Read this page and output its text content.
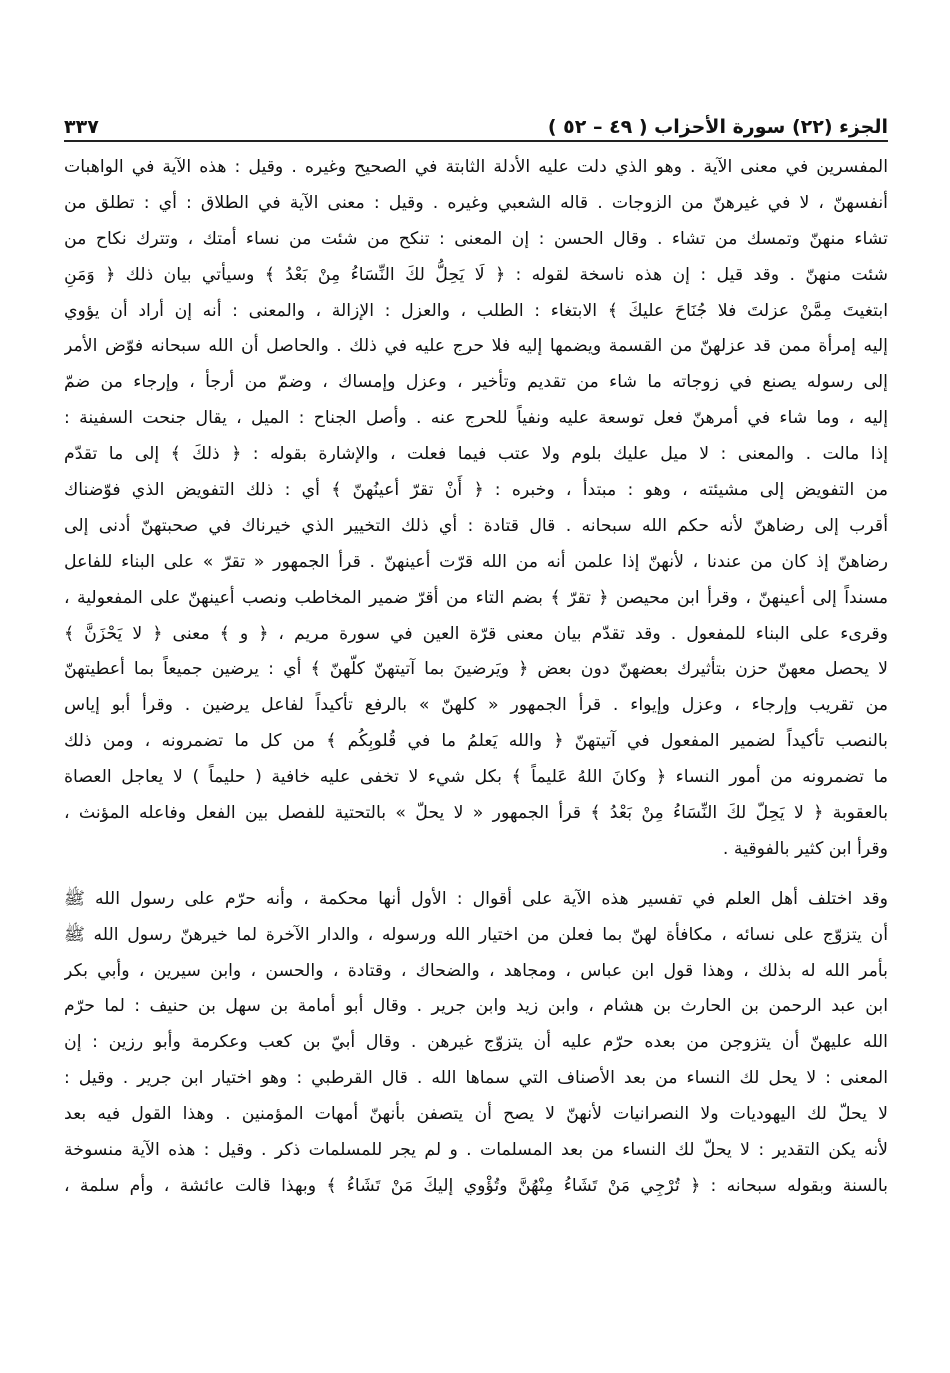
الجزء (٢٢) سورة الأحزاب ( ٤٩ – ٥٢ )
٣٣٧
المفسرين في معنى الآية . وهو الذي دلت عليه الأدلة الثابتة في الصحيح وغيره . وقيل : هذه الآية في الواهبات
أنفسهنّ ، لا في غيرهنّ من الزوجات . قاله الشعبي وغيره . وقيل : معنى الآية في الطلاق : أي : تطلق من
تشاء منهنّ وتمسك من تشاء . وقال الحسن : إن المعنى : تنكح من شئت من نساء أمتك ، وتترك نكاح من
شئت منهنّ . وقد قيل : إن هذه ناسخة لقوله : ﴿ لَا يَحِلُّ لكَ النِّسَاءُ مِنْ بَعْدُ ﴾ وسيأتي بيان ذلك ﴿ وَمَنِ
ابتغيتَ مِمَّنْ عزلتَ فلا جُنَاحَ عليكَ ﴾ الابتغاء : الطلب ، والعزل : الإزالة ، والمعنى : أنه إن أراد أن يؤوي
إليه إمرأة ممن قد عزلهنّ من القسمة ويضمها إليه فلا حرج عليه في ذلك . والحاصل أن الله سبحانه فوّض الأمر
إلى رسوله يصنع في زوجاته ما شاء من تقديم وتأخير ، وعزل وإمساك ، وضمّ من أرجأ ، وإرجاء من ضمّ
إليه ، وما شاء في أمرهنّ فعل توسعة عليه ونفياً للحرج عنه . وأصل الجناح : الميل ، يقال جنحت السفينة :
إذا مالت . والمعنى : لا ميل عليك بلوم ولا عتب فيما فعلت ، والإشارة بقوله : ﴿ ذلكَ ﴾ إلى ما تقدّم
من التفويض إلى مشيئته ، وهو : مبتدأ ، وخبره : ﴿ أَنْ تقرّ أعينُهنّ ﴾ أي : ذلك التفويض الذي فوّضناك
أقرب إلى رضاهنّ لأنه حكم الله سبحانه . قال قتادة : أي ذلك التخيير الذي خيرناك في صحبتهنّ أدنى إلى
رضاهنّ إذ كان من عندنا ، لأنهنّ إذا علمن أنه من الله قرّت أعينهنّ . قرأ الجمهور « تقرّ » على البناء للفاعل
مسنداً إلى أعينهنّ ، وقرأ ابن محيصن ﴿ تقرّ ﴾ بضم التاء من أقرّ ضمير المخاطب ونصب أعينهنّ على المفعولية ،
وقرىء على البناء للمفعول . وقد تقدّم بيان معنى قرّة العين في سورة مريم ، ﴿ و ﴾ معنى ﴿ لا يَحْزَنَّ ﴾
لا يحصل معهنّ حزن بتأثيرك بعضهنّ دون بعض ﴿ ويَرضينَ بما آتيتهنّ كلّهنّ ﴾ أي : يرضين جميعاً بما أعطيتهنّ
من تقريب وإرجاء ، وعزل وإيواء . قرأ الجمهور « كلهنّ » بالرفع تأكيداً لفاعل يرضين . وقرأ أبو إياس
بالنصب تأكيداً لضمير المفعول في آتيتهنّ ﴿ والله يَعلمُ ما في قُلوبِكُم ﴾ من كل ما تضمرونه ، ومن ذلك
ما تضمرونه من أمور النساء ﴿ وكانَ اللهُ عَليماً ﴾ بكل شيء لا تخفى عليه خافية ( حليماً ) لا يعاجل العصاة
بالعقوبة ﴿ لا يَحِلّ لكَ النِّسَاءُ مِنْ بَعْدُ ﴾ قرأ الجمهور « لا يحلّ » بالتحتية للفصل بين الفعل وفاعله المؤنث ،
وقرأ ابن كثير بالفوقية .
وقد اختلف أهل العلم في تفسير هذه الآية على أقوال : الأول أنها محكمة ، وأنه حرّم على رسول الله ﷺ
أن يتزوّج على نسائه ، مكافأة لهنّ بما فعلن من اختيار الله ورسوله ، والدار الآخرة لما خيرهنّ رسول الله ﷺ
بأمر الله له بذلك ، وهذا قول ابن عباس ، ومجاهد ، والضحاك ، وقتادة ، والحسن ، وابن سيرين ، وأبي بكر
ابن عبد الرحمن بن الحارث بن هشام ، وابن زيد وابن جرير . وقال أبو أمامة بن سهل بن حنيف : لما حرّم
الله عليهنّ أن يتزوجن من بعده حرّم عليه أن يتزوّج غيرهن . وقال أبيّ بن كعب وعكرمة وأبو رزين : إن
المعنى : لا يحل لك النساء من بعد الأصناف التي سماها الله . قال القرطبي : وهو اختيار ابن جرير . وقيل :
لا يحلّ لك اليهوديات ولا النصرانيات لأنهنّ لا يصح أن يتصفن بأنهنّ أمهات المؤمنين . وهذا القول فيه بعد
لأنه يكن التقدير : لا يحلّ لك النساء من بعد المسلمات . و لم يجر للمسلمات ذكر . وقيل : هذه الآية منسوخة
بالسنة وبقوله سبحانه : ﴿ تُرْجِي مَنْ تَشَاءُ مِنْهُنَّ وتُؤْوي إليكَ مَنْ تَشَاءُ ﴾ وبهذا قالت عائشة ، وأم سلمة ،
